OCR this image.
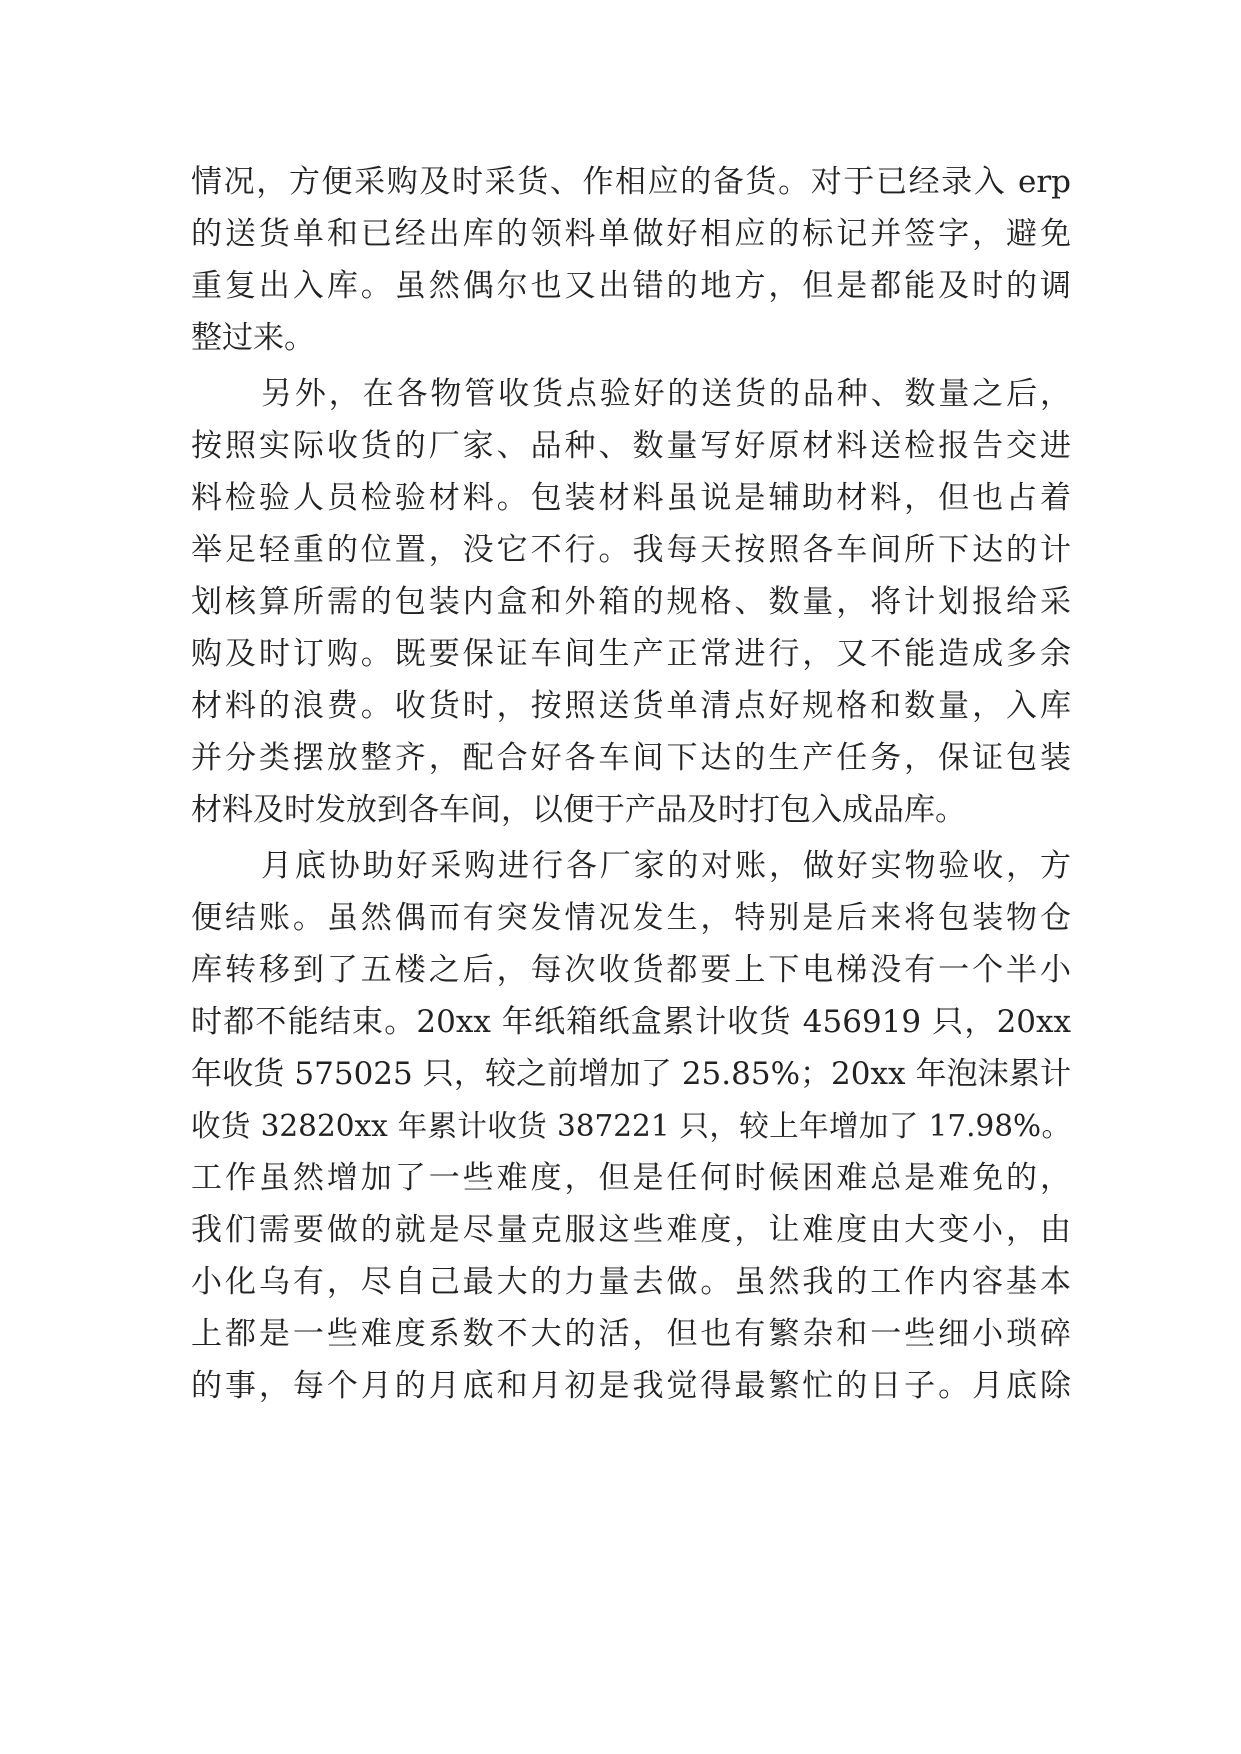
情况，方便采购及时采货、作相应的备货。对于已经录入 erp
的送货单和已经出库的领料单做好相应的标记并签字，避免
重复出入库。虽然偶尔也又出错的地方，但是都能及时的调
整过来。
另外，在各物管收货点验好的送货的品种、数量之后，
按照实际收货的厂家、品种、数量写好原材料送检报告交进
料检验人员检验材料。包装材料虽说是辅助材料，但也占着
举足轻重的位置，没它不行。我每天按照各车间所下达的计
划核算所需的包装内盒和外箱的规格、数量，将计划报给采
购及时订购。既要保证车间生产正常进行，又不能造成多余
材料的浪费。收货时，按照送货单清点好规格和数量，入库
并分类摆放整齐，配合好各车间下达的生产任务，保证包装
材料及时发放到各车间，以便于产品及时打包入成品库。
月底协助好采购进行各厂家的对账，做好实物验收，方
便结账。虽然偶而有突发情况发生，特别是后来将包装物仓
库转移到了五楼之后，每次收货都要上下电梯没有一个半小
时都不能结束。20xx 年纸箱纸盒累计收货 456919 只，20xx
年收货 575025 只，较之前增加了 25.85%；20xx 年泡沫累计
收货 32820xx 年累计收货 387221 只，较上年增加了 17.98%。
工作虽然增加了一些难度，但是任何时候困难总是难免的，
我们需要做的就是尽量克服这些难度，让难度由大变小，由
小化乌有，尽自己最大的力量去做。虽然我的工作内容基本
上都是一些难度系数不大的活，但也有繁杂和一些细小琐碎
的事，每个月的月底和月初是我觉得最繁忙的日子。月底除
